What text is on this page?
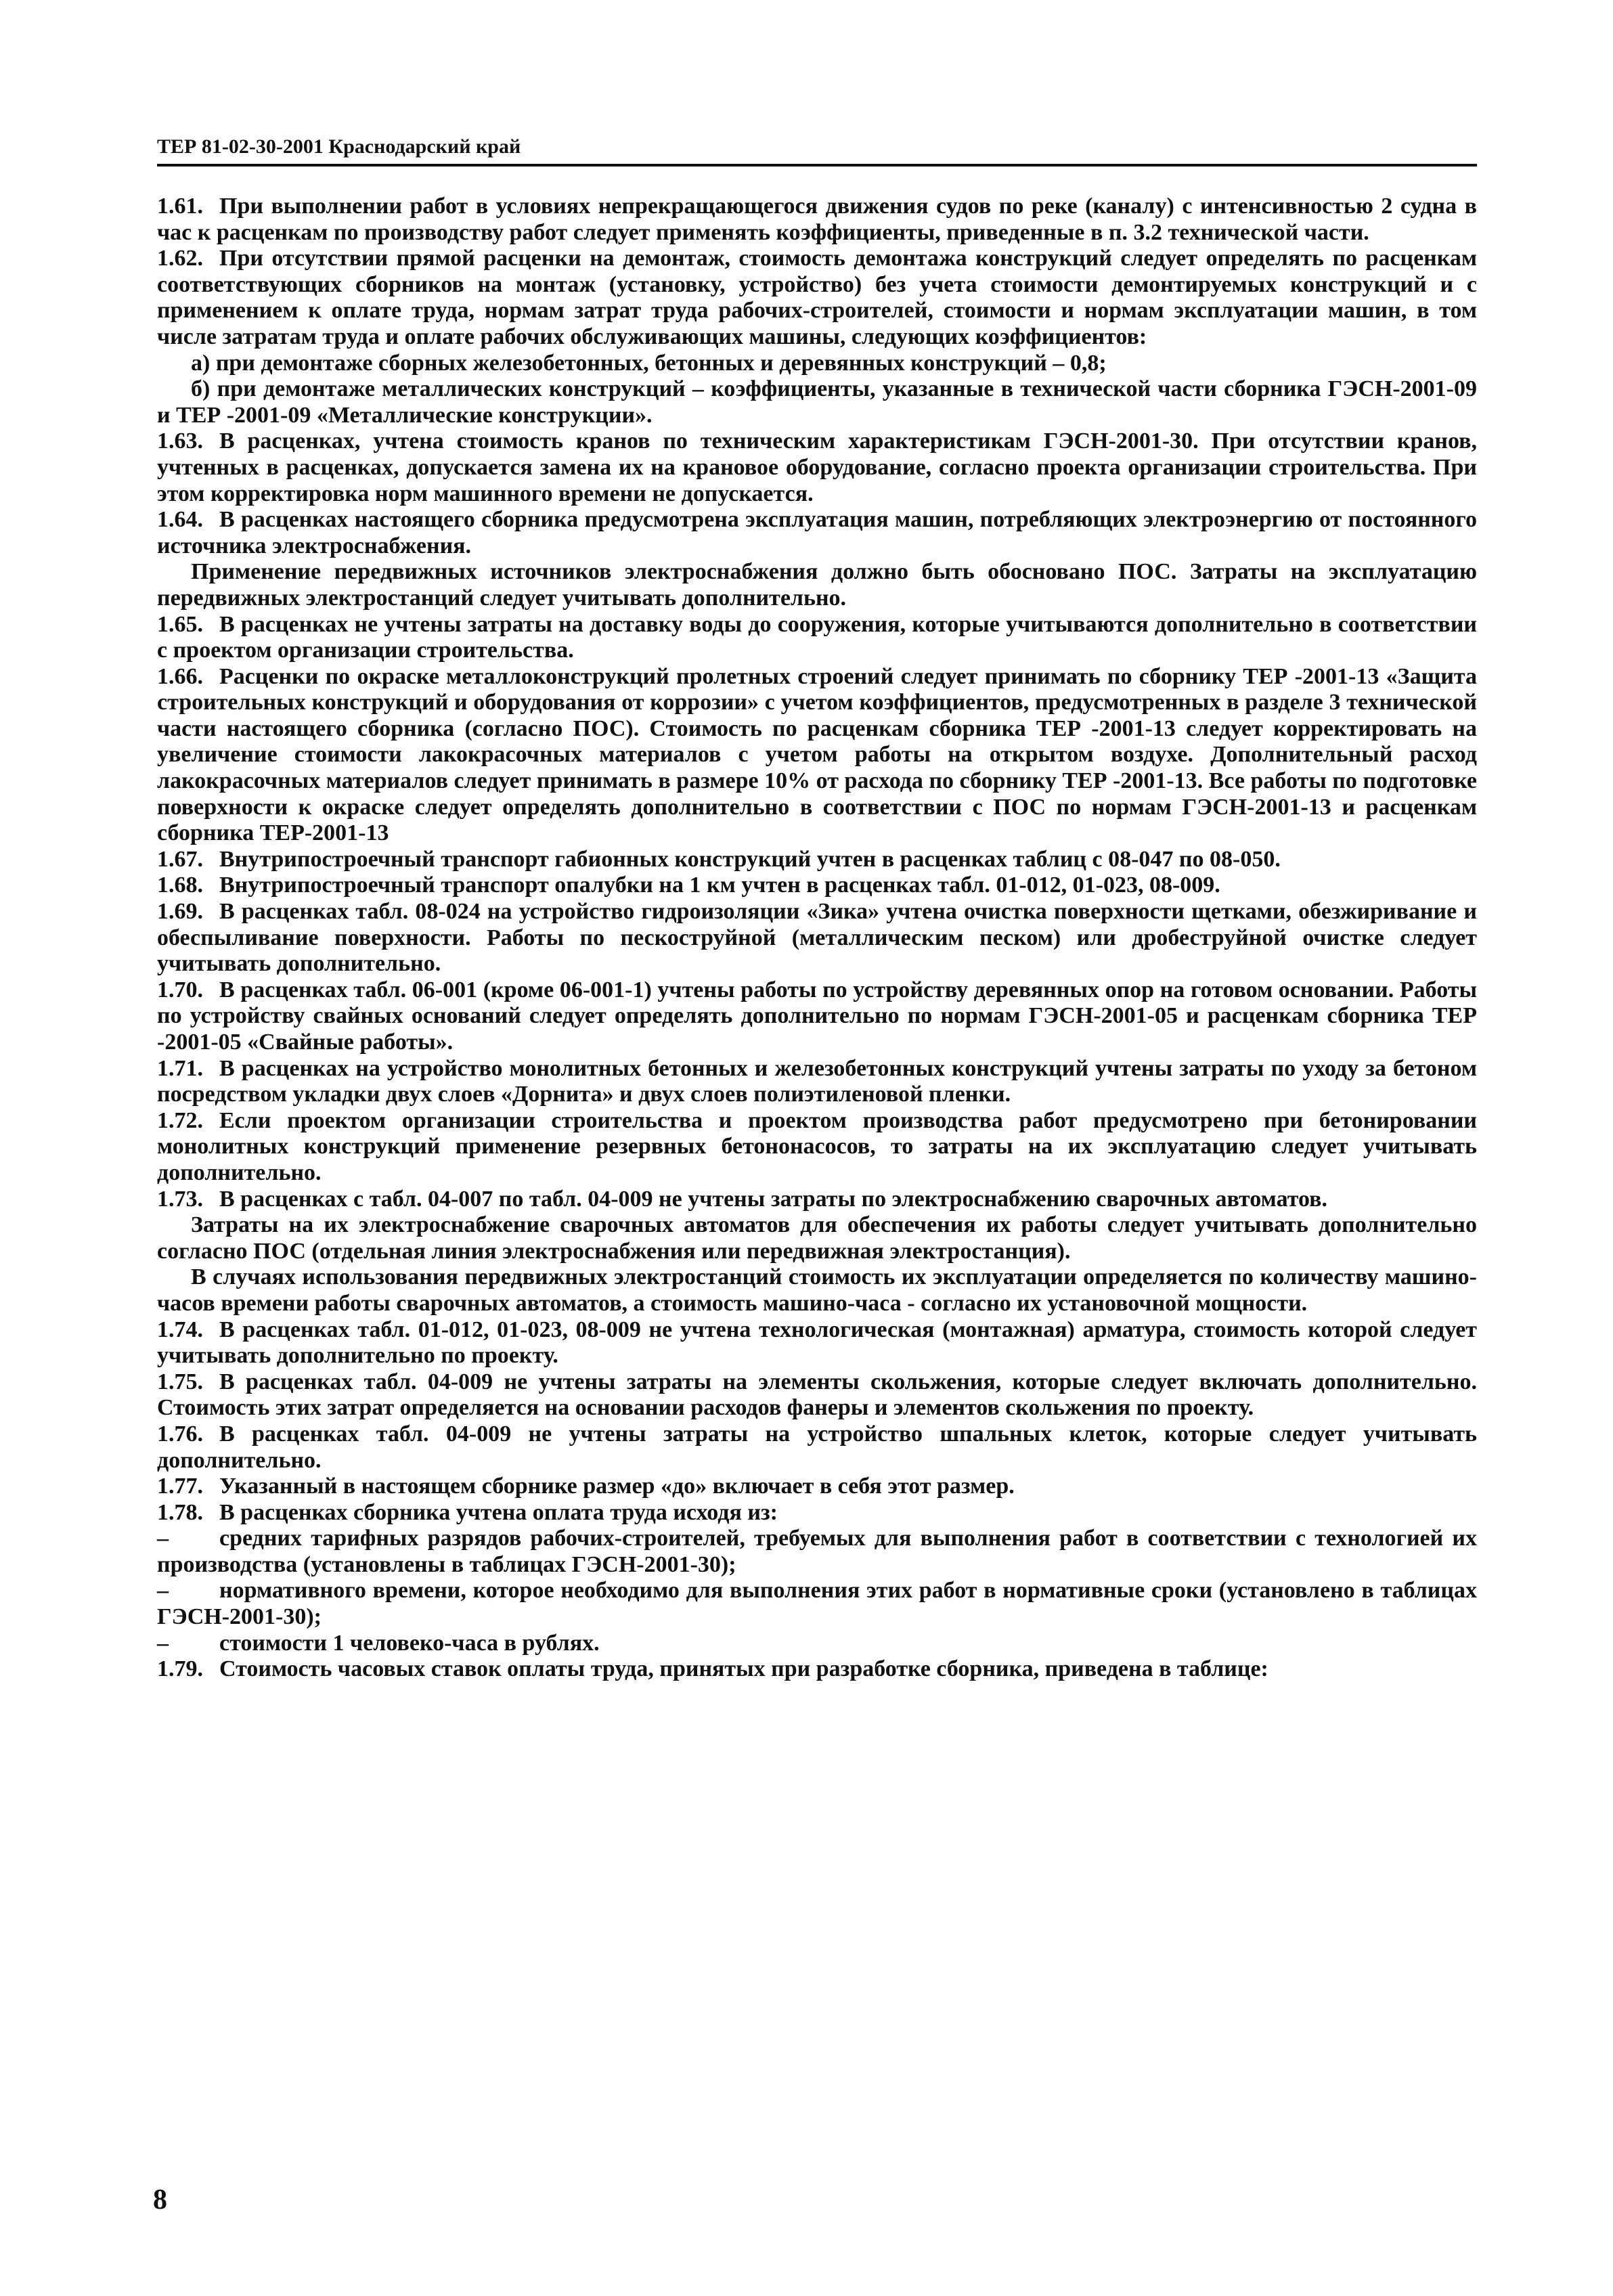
ТЕР 81-02-30-2001 Краснодарский край

1.61. При выполнении работ в условиях непрекращающегося движения судов по реке (каналу) с интенсивностью 2 судна в час к расценкам по производству работ следует применять коэффициенты, приведенные в п. 3.2 технической части.

1.62. При отсутствии прямой расценки на демонтаж, стоимость демонтажа конструкций следует определять по расценкам соответствующих сборников на монтаж (установку, устройство) без учета стоимости демонтируемых конструкций и с применением к оплате труда, нормам затрат труда рабочих-строителей, стоимости и нормам эксплуатации машин, в том числе затратам труда и оплате рабочих обслуживающих машины, следующих коэффициентов:

а) при демонтаже сборных железобетонных, бетонных и деревянных конструкций – 0,8;

б) при демонтаже металлических конструкций – коэффициенты, указанные в технической части сборника ГЭСН-2001-09 и ТЕР -2001-09 «Металлические конструкции».

1.63. В расценках, учтена стоимость кранов по техническим характеристикам ГЭСН-2001-30. При отсутствии кранов, учтенных в расценках, допускается замена их на крановое оборудование, согласно проекта организации строительства. При этом корректировка норм машинного времени не допускается.

1.64. В расценках настоящего сборника предусмотрена эксплуатация машин, потребляющих электроэнергию от постоянного источника электроснабжения.

Применение передвижных источников электроснабжения должно быть обосновано ПОС. Затраты на эксплуатацию передвижных электростанций следует учитывать дополнительно.

1.65. В расценках не учтены затраты на доставку воды до сооружения, которые учитываются дополнительно в соответствии с проектом организации строительства.

1.66. Расценки по окраске металлоконструкций пролетных строений следует принимать по сборнику ТЕР -2001-13 «Защита строительных конструкций и оборудования от коррозии» с учетом коэффициентов, предусмотренных в разделе 3 технической части настоящего сборника (согласно ПОС). Стоимость по расценкам сборника ТЕР -2001-13 следует корректировать на увеличение стоимости лакокрасочных материалов с учетом работы на открытом воздухе. Дополнительный расход лакокрасочных материалов следует принимать в размере 10% от расхода по сборнику ТЕР -2001-13. Все работы по подготовке поверхности к окраске следует определять дополнительно в соответствии с ПОС по нормам ГЭСН-2001-13 и расценкам сборника ТЕР-2001-13

1.67. Внутрипостроечный транспорт габионных конструкций учтен в расценках таблиц с 08-047 по 08-050.

1.68. Внутрипостроечный транспорт опалубки на 1 км учтен в расценках табл. 01-012, 01-023, 08-009.

1.69. В расценках табл. 08-024 на устройство гидроизоляции «Зика» учтена очистка поверхности щетками, обезжиривание и обеспыливание поверхности. Работы по пескоструйной (металлическим песком) или дробеструйной очистке следует учитывать дополнительно.

1.70. В расценках табл. 06-001 (кроме 06-001-1) учтены работы по устройству деревянных опор на готовом основании. Работы по устройству свайных оснований следует определять дополнительно по нормам ГЭСН-2001-05 и расценкам сборника ТЕР -2001-05 «Свайные работы».

1.71. В расценках на устройство монолитных бетонных и железобетонных конструкций учтены затраты по уходу за бетоном посредством укладки двух слоев «Дорнита» и двух слоев полиэтиленовой пленки.

1.72. Если проектом организации строительства и проектом производства работ предусмотрено при бетонировании монолитных конструкций применение резервных бетононасосов, то затраты на их эксплуатацию следует учитывать дополнительно.

1.73. В расценках с табл. 04-007 по табл. 04-009 не учтены затраты по электроснабжению сварочных автоматов.

Затраты на их электроснабжение сварочных автоматов для обеспечения их работы следует учитывать дополнительно согласно ПОС (отдельная линия электроснабжения или передвижная электростанция).

В случаях использования передвижных электростанций стоимость их эксплуатации определяется по количеству машино-часов времени работы сварочных автоматов, а стоимость машино-часа - согласно их установочной мощности.

1.74. В расценках табл. 01-012, 01-023, 08-009 не учтена технологическая (монтажная) арматура, стоимость которой следует учитывать дополнительно по проекту.

1.75. В расценках табл. 04-009 не учтены затраты на элементы скольжения, которые следует включать дополнительно. Стоимость этих затрат определяется на основании расходов фанеры и элементов скольжения по проекту.

1.76. В расценках табл. 04-009 не учтены затраты на устройство шпальных клеток, которые следует учитывать дополнительно.

1.77. Указанный в настоящем сборнике размер «до» включает в себя этот размер.

1.78. В расценках сборника учтена оплата труда исходя из:

– средних тарифных разрядов рабочих-строителей, требуемых для выполнения работ в соответствии с технологией их производства (установлены в таблицах ГЭСН-2001-30);

– нормативного времени, которое необходимо для выполнения этих работ в нормативные сроки (установлено в таблицах ГЭСН-2001-30);

– стоимости 1 человеко-часа в рублях.

1.79. Стоимость часовых ставок оплаты труда, принятых при разработке сборника, приведена в таблице:

8
